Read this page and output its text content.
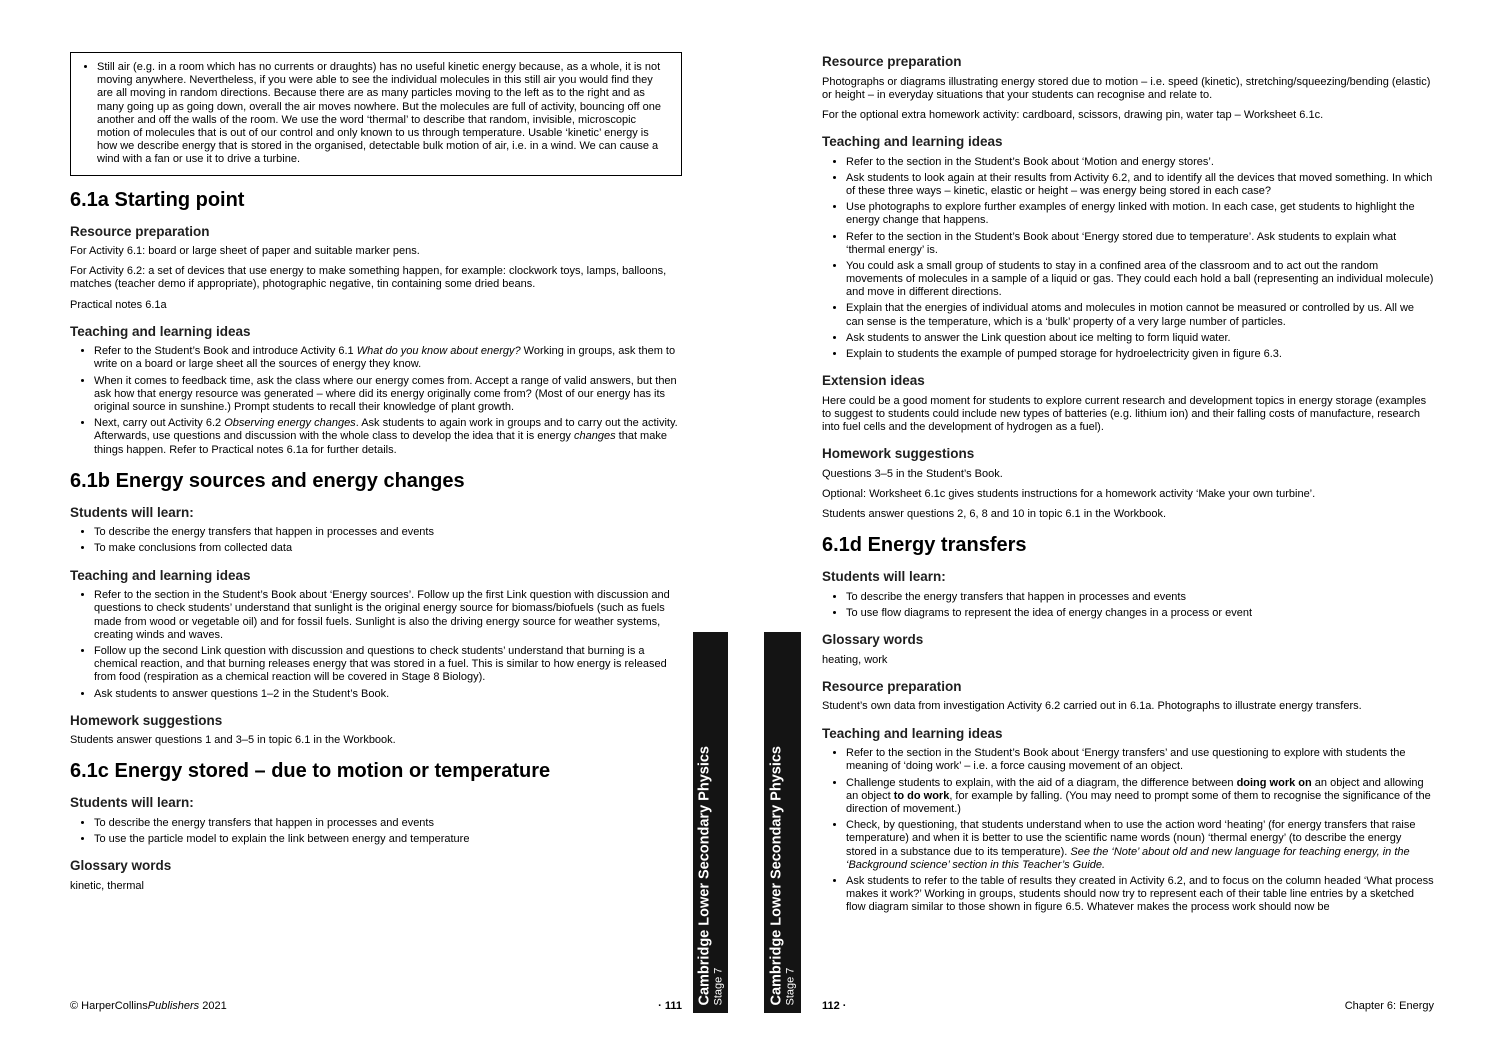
• Still air (e.g. in a room which has no currents or draughts) has no useful kinetic energy because, as a whole, it is not moving anywhere. Nevertheless, if you were able to see the individual molecules in this still air you would find they are all moving in random directions. Because there are as many particles moving to the left as to the right and as many going up as going down, overall the air moves nowhere. But the molecules are full of activity, bouncing off one another and off the walls of the room. We use the word ‘thermal’ to describe that random, invisible, microscopic motion of molecules that is out of our control and only known to us through temperature. Usable ‘kinetic’ energy is how we describe energy that is stored in the organised, detectable bulk motion of air, i.e. in a wind. We can cause a wind with a fan or use it to drive a turbine.
6.1a Starting point
Resource preparation

For Activity 6.1: board or large sheet of paper and suitable marker pens.

For Activity 6.2: a set of devices that use energy to make something happen, for example: clockwork toys, lamps, balloons, matches (teacher demo if appropriate), photographic negative, tin containing some dried beans.

Practical notes 6.1a

Teaching and learning ideas
• Refer to the Student’s Book and introduce Activity 6.1 What do you know about energy? Working in groups, ask them to write on a board or large sheet all the sources of energy they know.
• When it comes to feedback time, ask the class where our energy comes from. Accept a range of valid answers, but then ask how that energy resource was generated – where did its energy originally come from? (Most of our energy has its original source in sunshine.) Prompt students to recall their knowledge of plant growth.
• Next, carry out Activity 6.2 Observing energy changes. Ask students to again work in groups and to carry out the activity. Afterwards, use questions and discussion with the whole class to develop the idea that it is energy changes that make things happen. Refer to Practical notes 6.1a for further details.
6.1b Energy sources and energy changes
Students will learn:
• To describe the energy transfers that happen in processes and events
• To make conclusions from collected data
Teaching and learning ideas
• Refer to the section in the Student’s Book about ‘Energy sources’. Follow up the first Link question with discussion and questions to check students’ understand that sunlight is the original energy source for biomass/biofuels (such as fuels made from wood or vegetable oil) and for fossil fuels. Sunlight is also the driving energy source for weather systems, creating winds and waves.
• Follow up the second Link question with discussion and questions to check students’ understand that burning is a chemical reaction, and that burning releases energy that was stored in a fuel. This is similar to how energy is released from food (respiration as a chemical reaction will be covered in Stage 8 Biology).
• Ask students to answer questions 1–2 in the Student’s Book.
Homework suggestions

Students answer questions 1 and 3–5 in topic 6.1 in the Workbook.

6.1c Energy stored – due to motion or temperature
Students will learn:
• To describe the energy transfers that happen in processes and events
• To use the particle model to explain the link between energy and temperature
Glossary words

kinetic, thermal

© HarperCollinsPublishers 2021	· 111
Resource preparation

Photographs or diagrams illustrating energy stored due to motion – i.e. speed (kinetic), stretching/squeezing/bending (elastic) or height – in everyday situations that your students can recognise and relate to.

For the optional extra homework activity: cardboard, scissors, drawing pin, water tap – Worksheet 6.1c.

Teaching and learning ideas
• Refer to the section in the Student’s Book about ‘Motion and energy stores’.
• Ask students to look again at their results from Activity 6.2, and to identify all the devices that moved something. In which of these three ways – kinetic, elastic or height – was energy being stored in each case?
• Use photographs to explore further examples of energy linked with motion. In each case, get students to highlight the energy change that happens.
• Refer to the section in the Student’s Book about ‘Energy stored due to temperature’. Ask students to explain what ‘thermal energy’ is.
• You could ask a small group of students to stay in a confined area of the classroom and to act out the random movements of molecules in a sample of a liquid or gas. They could each hold a ball (representing an individual molecule) and move in different directions.
• Explain that the energies of individual atoms and molecules in motion cannot be measured or controlled by us. All we can sense is the temperature, which is a ‘bulk’ property of a very large number of particles.
• Ask students to answer the Link question about ice melting to form liquid water.
• Explain to students the example of pumped storage for hydroelectricity given in figure 6.3.
Extension ideas

Here could be a good moment for students to explore current research and development topics in energy storage (examples to suggest to students could include new types of batteries (e.g. lithium ion) and their falling costs of manufacture, research into fuel cells and the development of hydrogen as a fuel).

Homework suggestions

Questions 3–5 in the Student’s Book.

Optional: Worksheet 6.1c gives students instructions for a homework activity ‘Make your own turbine’.

Students answer questions 2, 6, 8 and 10 in topic 6.1 in the Workbook.

6.1d Energy transfers
Students will learn:
• To describe the energy transfers that happen in processes and events
• To use flow diagrams to represent the idea of energy changes in a process or event
Glossary words

heating, work

Resource preparation

Student’s own data from investigation Activity 6.2 carried out in 6.1a. Photographs to illustrate energy transfers.

Teaching and learning ideas
• Refer to the section in the Student’s Book about ‘Energy transfers’ and use questioning to explore with students the meaning of ‘doing work’ – i.e. a force causing movement of an object.
• Challenge students to explain, with the aid of a diagram, the difference between doing work on an object and allowing an object to do work, for example by falling. (You may need to prompt some of them to recognise the significance of the direction of movement.)
• Check, by questioning, that students understand when to use the action word ‘heating’ (for energy transfers that raise temperature) and when it is better to use the scientific name words (noun) ‘thermal energy’ (to describe the energy stored in a substance due to its temperature). See the ‘Note’ about old and new language for teaching energy, in the ‘Background science’ section in this Teacher’s Guide.
• Ask students to refer to the table of results they created in Activity 6.2, and to focus on the column headed ‘What process makes it work?’ Working in groups, students should now try to represent each of their table line entries by a sketched flow diagram similar to those shown in figure 6.5. Whatever makes the process work should now be
112 ·	Chapter 6: Energy
Cambridge Lower Secondary Physics Stage 7	Cambridge Lower Secondary Physics Stage 7
